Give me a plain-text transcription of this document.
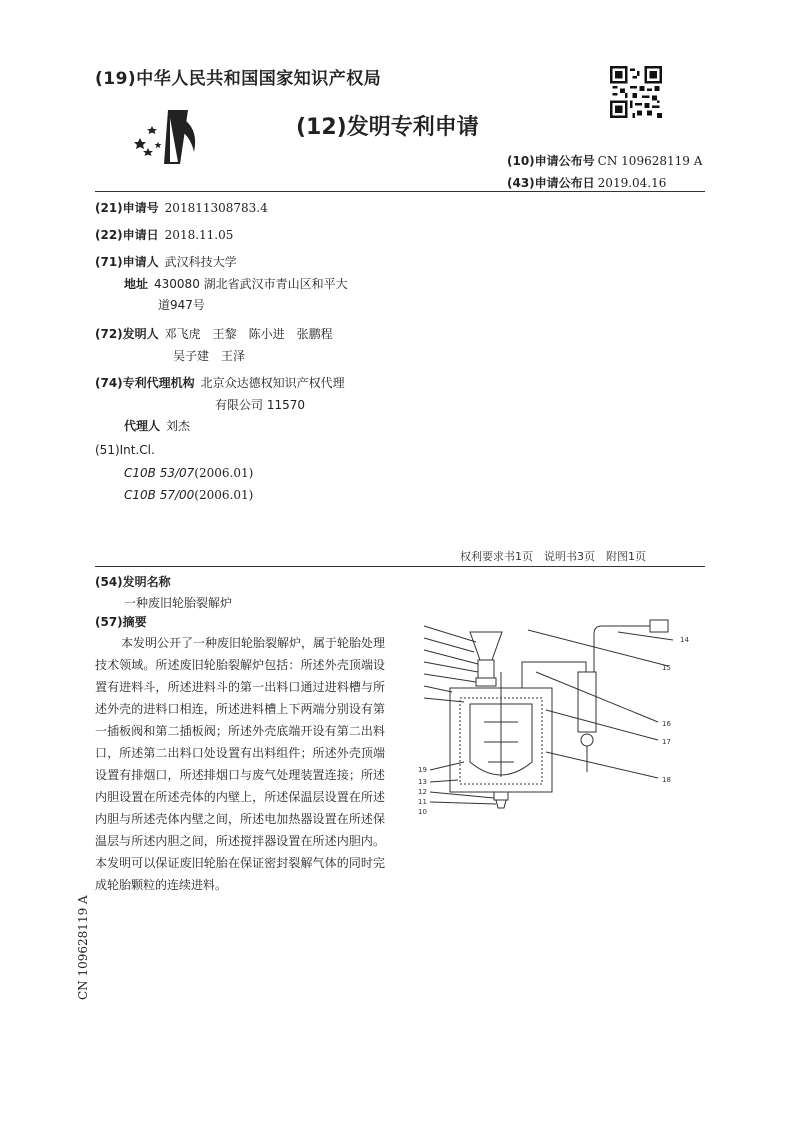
(19)中华人民共和国国家知识产权局
(12)发明专利申请
(10)申请公布号 CN 109628119 A
(43)申请公布日 2019.04.16
(21)申请号 201811308783.4
(22)申请日 2018.11.05
(71)申请人 武汉科技大学
地址 430080 湖北省武汉市青山区和平大
道947号
(72)发明人 邓飞虎　王黎　陈小进　张鹏程
吴子建　王泽
(74)专利代理机构 北京众达德权知识产权代理
有限公司 11570
代理人 刘杰
(51)Int.Cl.
C10B 53/07(2006.01)
C10B 57/00(2006.01)
权利要求书1页　说明书3页　附图1页
(54)发明名称
一种废旧轮胎裂解炉
(57)摘要
本发明公开了一种废旧轮胎裂解炉，属于轮胎处理技术领域。所述废旧轮胎裂解炉包括：所述外壳顶端设置有进料斗，所述进料斗的第一出料口通过进料槽与所述外壳的进料口相连，所述进料槽上下两端分别设有第一插板阀和第二插板阀；所述外壳底端开设有第二出料口，所述第二出料口处设置有出料组件；所述外壳顶端设置有排烟口，所述排烟口与废气处理装置连接；所述内胆设置在所述壳体的内壁上，所述保温层设置在所述内胆与所述壳体内壁之间，所述电加热器设置在所述保温层与所述内胆之间，所述搅拌器设置在所述内胆内。本发明可以保证废旧轮胎在保证密封裂解气体的同时完成轮胎颗粒的连续进料。
CN 109628119 A
14
15
16
17
18
19
13
12
11
10
